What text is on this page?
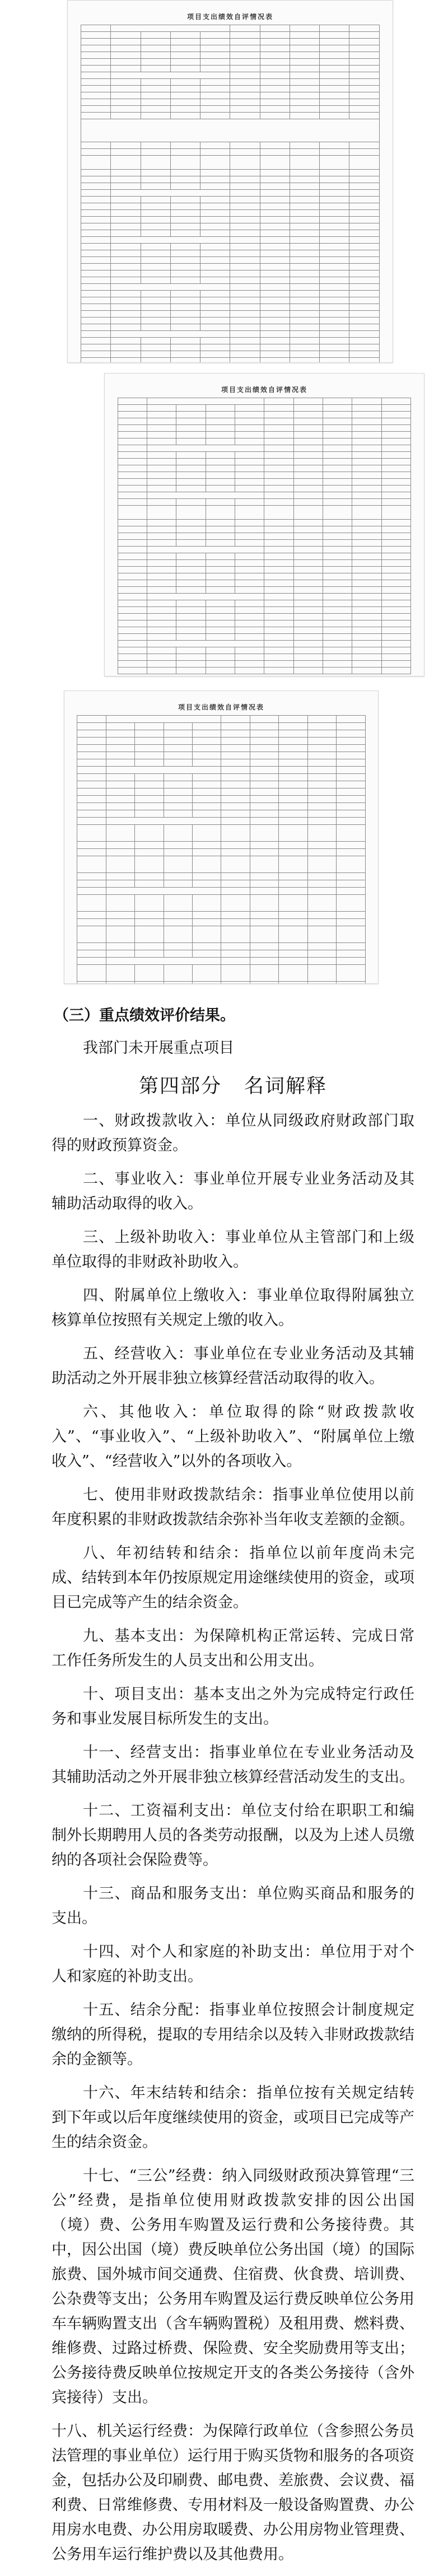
项目支出绩效自评情况表

项目支出绩效自评情况表

项目支出绩效自评情况表

（三）重点绩效评价结果。

我部门未开展重点项目

第四部分 名词解释

一、财政拨款收入：单位从同级政府财政部门取得的财政预算资金。

二、事业收入：事业单位开展专业业务活动及其辅助活动取得的收入。

三、上级补助收入：事业单位从主管部门和上级单位取得的非财政补助收入。

四、附属单位上缴收入：事业单位取得附属独立核算单位按照有关规定上缴的收入。

五、经营收入：事业单位在专业业务活动及其辅助活动之外开展非独立核算经营活动取得的收入。

六、其他收入：单位取得的除“财政拨款收入”、“事业收入”、“上级补助收入”、“附属单位上缴收入”、“经营收入”以外的各项收入。

七、使用非财政拨款结余：指事业单位使用以前年度积累的非财政拨款结余弥补当年收支差额的金额。

八、年初结转和结余：指单位以前年度尚未完成、结转到本年仍按原规定用途继续使用的资金，或项目已完成等产生的结余资金。

九、基本支出：为保障机构正常运转、完成日常工作任务所发生的人员支出和公用支出。

十、项目支出：基本支出之外为完成特定行政任务和事业发展目标所发生的支出。

十一、经营支出：指事业单位在专业业务活动及其辅助活动之外开展非独立核算经营活动发生的支出。

十二、工资福利支出：单位支付给在职职工和编制外长期聘用人员的各类劳动报酬，以及为上述人员缴纳的各项社会保险费等。

十三、商品和服务支出：单位购买商品和服务的支出。

十四、对个人和家庭的补助支出：单位用于对个人和家庭的补助支出。

十五、结余分配：指事业单位按照会计制度规定缴纳的所得税，提取的专用结余以及转入非财政拨款结余的金额等。

十六、年末结转和结余：指单位按有关规定结转到下年或以后年度继续使用的资金，或项目已完成等产生的结余资金。

十七、“三公”经费：纳入同级财政预决算管理“三公”经费，是指单位使用财政拨款安排的因公出国（境）费、公务用车购置及运行费和公务接待费。其中，因公出国（境）费反映单位公务出国（境）的国际旅费、国外城市间交通费、住宿费、伙食费、培训费、公杂费等支出；公务用车购置及运行费反映单位公务用车车辆购置支出（含车辆购置税）及租用费、燃料费、维修费、过路过桥费、保险费、安全奖励费用等支出；公务接待费反映单位按规定开支的各类公务接待（含外宾接待）支出。

十八、机关运行经费：为保障行政单位（含参照公务员法管理的事业单位）运行用于购买货物和服务的各项资金，包括办公及印刷费、邮电费、差旅费、会议费、福利费、日常维修费、专用材料及一般设备购置费、办公用房水电费、办公用房取暖费、办公用房物业管理费、公务用车运行维护费以及其他费用。
